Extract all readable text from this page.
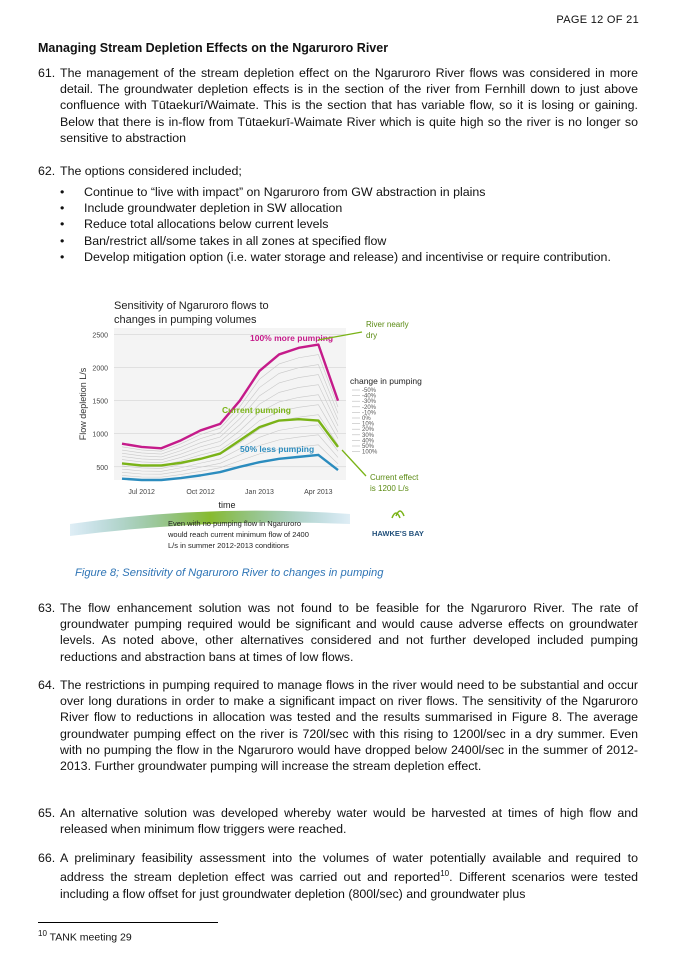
PAGE 12 OF 21
Managing Stream Depletion Effects on the Ngaruroro River
61. The management of the stream depletion effect on the Ngaruroro River flows was considered in more detail. The groundwater depletion effects is in the section of the river from Fernhill down to just above confluence with Tūtaekurī/Waimate. This is the section that has variable flow, so it is losing or gaining. Below that there is in-flow from Tūtaekurī-Waimate River which is quite high so the river is no longer so sensitive to abstraction
62. The options considered included;
• Continue to “live with impact” on Ngaruroro from GW abstraction in plains
• Include groundwater depletion in SW allocation
• Reduce total allocations below current levels
• Ban/restrict all/some takes in all zones at specified flow
• Develop mitigation option (i.e. water storage and release) and incentivise or require contribution.
Sensitivity of Ngaruroro flows to
changes in pumping volumes
500
1000
1500
2000
2500
Jul 2012	Oct 2012	Jan 2013	Apr 2013
Flow depletion L/s
time
100% more pumping
Current pumping
50% less pumping
River nearly
dry
change in pumping
-50%
-40%
-30%
-20%
-10%
0%
10%
20%
30%
40%
50%
100%
Current effect
is 1200 L/s
Even with no pumping flow in Ngaruroro
would reach current minimum flow of 2400
L/s in summer 2012-2013 conditions
HAWKE'S BAY
Figure 8; Sensitivity of Ngaruroro River to changes in pumping
63. The flow enhancement solution was not found to be feasible for the Ngaruroro River. The rate of groundwater pumping required would be significant and would cause adverse effects on groundwater levels. As noted above, other alternatives considered and not further developed included pumping reductions and abstraction bans at times of low flows.
64. The restrictions in pumping required to manage flows in the river would need to be substantial and occur over long durations in order to make a significant impact on river flows. The sensitivity of the Ngaruroro River flow to reductions in allocation was tested and the results summarised in Figure 8. The average groundwater pumping effect on the river is 720l/sec with this rising to 1200l/sec in a dry summer. Even with no pumping the flow in the Ngaruroro would have dropped below 2400l/sec in the summer of 2012-2013. Further groundwater pumping will increase the stream depletion effect.
65. An alternative solution was developed whereby water would be harvested at times of high flow and released when minimum flow triggers were reached.
66. A preliminary feasibility assessment into the volumes of water potentially available and required to address the stream depletion effect was carried out and reported$^{10}$. Different scenarios were tested including a flow offset for just groundwater depletion (800l/sec) and groundwater plus
$^{10}$ TANK meeting 29
